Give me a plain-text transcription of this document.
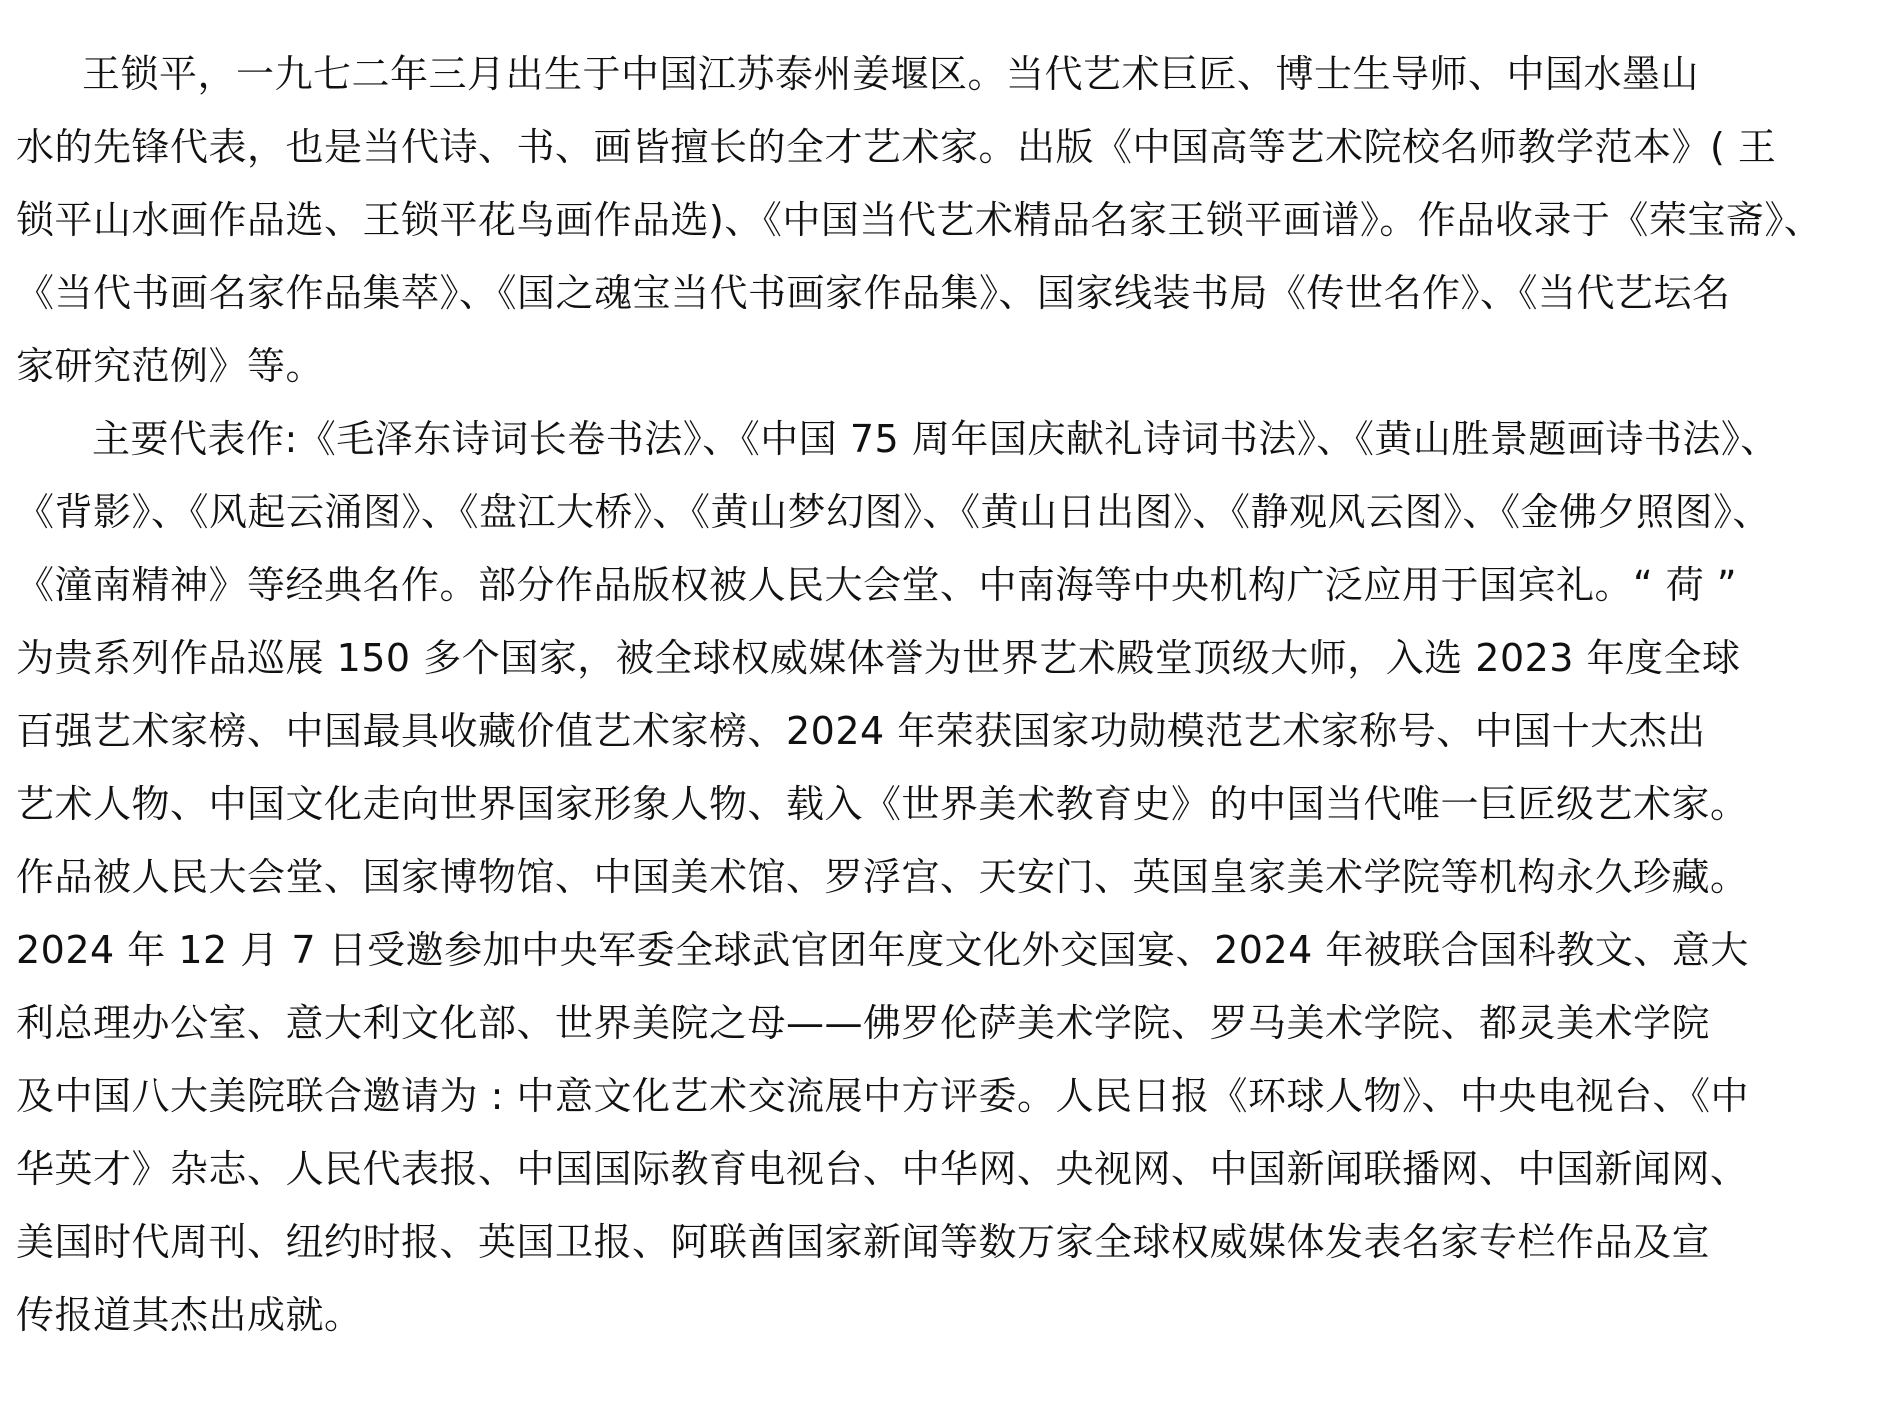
王锁平，一九七二年三月出生于中国江苏泰州姜堰区。当代艺术巨匠、博士生导师、中国水墨山
水的先锋代表，也是当代诗、书、画皆擅长的全才艺术家。出版《中国高等艺术院校名师教学范本》( 王
锁平山水画作品选、王锁平花鸟画作品选)、《中国当代艺术精品名家王锁平画谱》。作品收录于《荣宝斋》、
《当代书画名家作品集萃》、《国之魂宝当代书画家作品集》、国家线装书局《传世名作》、《当代艺坛名
家研究范例》等。
主要代表作:《毛泽东诗词长卷书法》、《中国 75 周年国庆献礼诗词书法》、《黄山胜景题画诗书法》、
《背影》、《风起云涌图》、《盘江大桥》、《黄山梦幻图》、《黄山日出图》、《静观风云图》、《金佛夕照图》、
《潼南精神》等经典名作。部分作品版权被人民大会堂、中南海等中央机构广泛应用于国宾礼。“ 荷 ”
为贵系列作品巡展 150 多个国家，被全球权威媒体誉为世界艺术殿堂顶级大师，入选 2023 年度全球
百强艺术家榜、中国最具收藏价值艺术家榜、2024 年荣获国家功勋模范艺术家称号、中国十大杰出
艺术人物、中国文化走向世界国家形象人物、载入《世界美术教育史》的中国当代唯一巨匠级艺术家。
作品被人民大会堂、国家博物馆、中国美术馆、罗浮宫、天安门、英国皇家美术学院等机构永久珍藏。
2024 年 12 月 7 日受邀参加中央军委全球武官团年度文化外交国宴、2024 年被联合国科教文、意大
利总理办公室、意大利文化部、世界美院之母——佛罗伦萨美术学院、罗马美术学院、都灵美术学院
及中国八大美院联合邀请为 : 中意文化艺术交流展中方评委。人民日报《环球人物》、中央电视台、《中
华英才》杂志、人民代表报、中国国际教育电视台、中华网、央视网、中国新闻联播网、中国新闻网、
美国时代周刊、纽约时报、英国卫报、阿联酋国家新闻等数万家全球权威媒体发表名家专栏作品及宣
传报道其杰出成就。
